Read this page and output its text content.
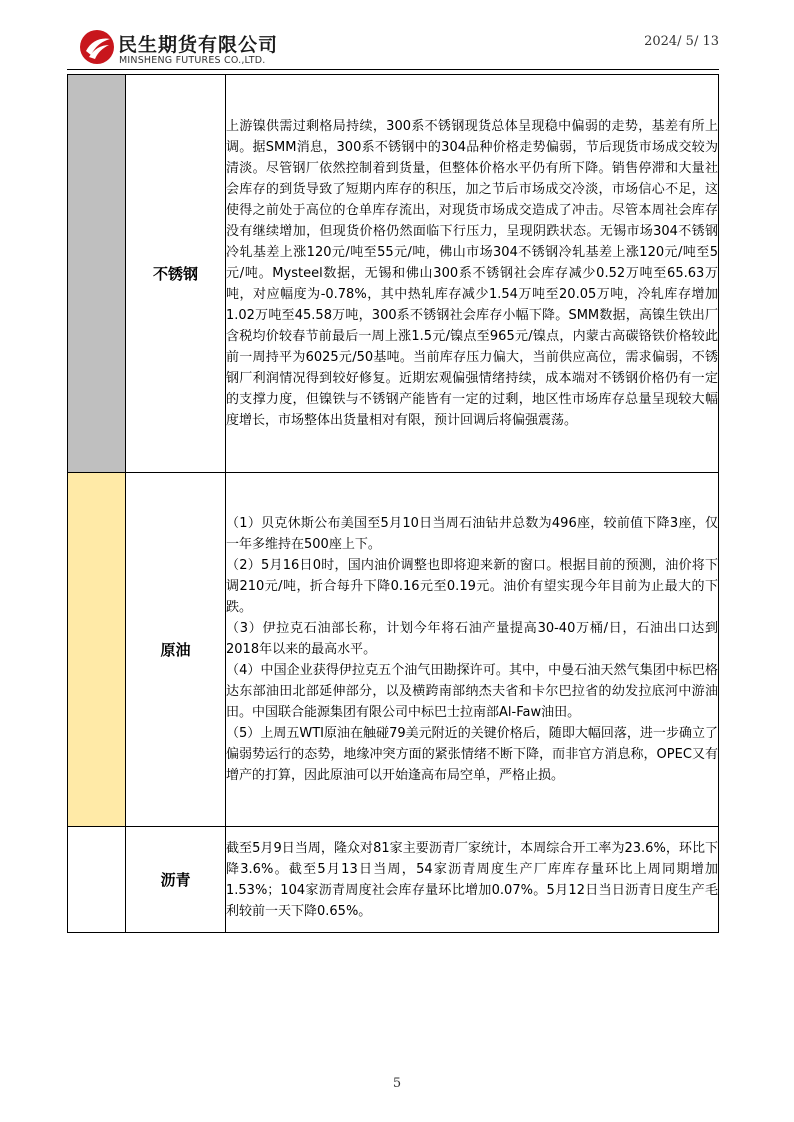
民生期货有限公司
MINSHENG FUTURES CO.,LTD.
2024/ 5/ 13
	不锈钢	上游镍供需过剩格局持续，300系不锈钢现货总体呈现稳中偏弱的走势，基差有所上调。据SMM消息，300系不锈钢中的304品种价格走势偏弱，节后现货市场成交较为清淡。尽管钢厂依然控制着到货量，但整体价格水平仍有所下降。销售停滞和大量社会库存的到货导致了短期内库存的积压，加之节后市场成交冷淡，市场信心不足，这使得之前处于高位的仓单库存流出，对现货市场成交造成了冲击。尽管本周社会库存没有继续增加，但现货价格仍然面临下行压力，呈现阴跌状态。无锡市场304不锈钢冷轧基差上涨120元/吨至55元/吨，佛山市场304不锈钢冷轧基差上涨120元/吨至5元/吨。Mysteel数据，无锡和佛山300系不锈钢社会库存减少0.52万吨至65.63万吨，对应幅度为-0.78%，其中热轧库存减少1.54万吨至20.05万吨，冷轧库存增加1.02万吨至45.58万吨，300系不锈钢社会库存小幅下降。SMM数据，高镍生铁出厂含税均价较春节前最后一周上涨1.5元/镍点至965元/镍点，内蒙古高碳铬铁价格较此前一周持平为6025元/50基吨。当前库存压力偏大，当前供应高位，需求偏弱，不锈钢厂利润情况得到较好修复。近期宏观偏强情绪持续，成本端对不锈钢价格仍有一定的支撑力度，但镍铁与不锈钢产能皆有一定的过剩，地区性市场库存总量呈现较大幅度增长，市场整体出货量相对有限，预计回调后将偏强震荡。

	原油	（1）贝克休斯公布美国至5月10日当周石油钻井总数为496座，较前值下降3座，仅一年多维持在500座上下。

（2）5月16日0时，国内油价调整也即将迎来新的窗口。根据目前的预测，油价将下调210元/吨，折合每升下降0.16元至0.19元。油价有望实现今年目前为止最大的下跌。

（3）伊拉克石油部长称，计划今年将石油产量提高30-40万桶/日，石油出口达到2018年以来的最高水平。

（4）中国企业获得伊拉克五个油气田勘探许可。其中，中曼石油天然气集团中标巴格达东部油田北部延伸部分，以及横跨南部纳杰夫省和卡尔巴拉省的幼发拉底河中游油田。中国联合能源集团有限公司中标巴士拉南部Al-Faw油田。

（5）上周五WTI原油在触碰79美元附近的关键价格后，随即大幅回落，进一步确立了偏弱势运行的态势，地缘冲突方面的紧张情绪不断下降，而非官方消息称，OPEC又有增产的打算，因此原油可以开始逢高布局空单，严格止损。

	沥青	截至5月9日当周，隆众对81家主要沥青厂家统计，本周综合开工率为23.6%，环比下降3.6%。截至5月13日当周，54家沥青周度生产厂库库存量环比上周同期增加1.53%；104家沥青周度社会库存量环比增加0.07%。5月12日当日沥青日度生产毛利较前一天下降0.65%。

5
